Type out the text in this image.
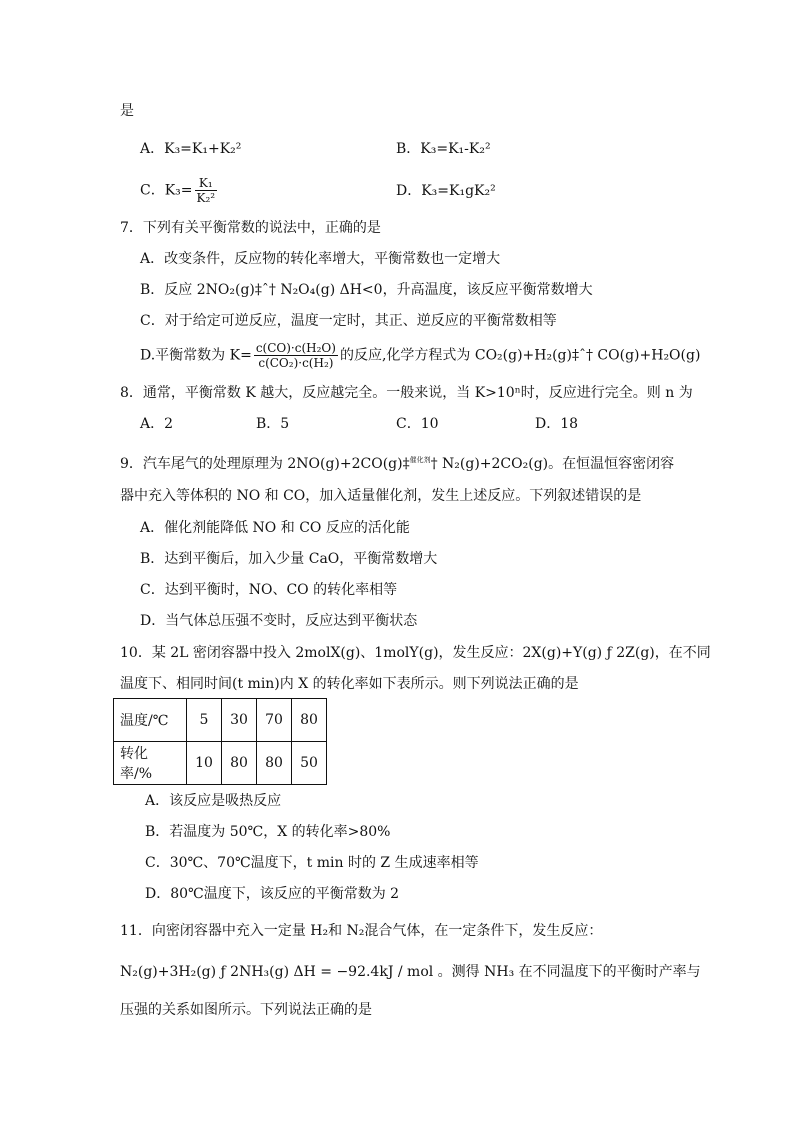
是
A．K₃=K₁+K₂²	B．K₃=K₁-K₂²
C．$K_3= \frac{\text{K₁}}{\text{K₂²}}$	D．K₃=K₁gK₂²
7．下列有关平衡常数的说法中，正确的是
A．改变条件，反应物的转化率增大，平衡常数也一定增大
B．反应 2NO₂(g)‡ˆ† N₂O₄(g) ΔH<0，升高温度，该反应平衡常数增大
C．对于给定可逆反应，温度一定时，其正、逆反应的平衡常数相等
D.平衡常数为 $K= \frac{\text{c(CO)·c(H₂O)}}{\text{c(CO₂)·c(H₂)}}$ 的反应,化学方程式为 CO₂(g)+H₂(g)‡ˆ† CO(g)+H₂O(g)
8．通常，平衡常数 K 越大，反应越完全。一般来说，当 K>10ⁿ时，反应进行完全。则 n 为
A．2	B．5	C．10	D．18
9．汽车尾气的处理原理为 2NO(g)+2CO(g)‡$^{催化剂}$† N₂(g)+2CO₂(g)。在恒温恒容密闭容
器中充入等体积的 NO 和 CO，加入适量催化剂，发生上述反应。下列叙述错误的是
A．催化剂能降低 NO 和 CO 反应的活化能
B．达到平衡后，加入少量 CaO，平衡常数增大
C．达到平衡时，NO、CO 的转化率相等
D．当气体总压强不变时，反应达到平衡状态
10．某 2L 密闭容器中投入 2molX(g)、1molY(g)，发生反应：2X(g)+Y(g) ƒ 2Z(g)，在不同
温度下、相同时间(t min)内 X 的转化率如下表所示。则下列说法正确的是
温度/℃	5	30	70	80
转化率/%	10	80	80	50
A．该反应是吸热反应
B．若温度为 50℃，X 的转化率>80%
C．30℃、70℃温度下，t min 时的 Z 生成速率相等
D．80℃温度下，该反应的平衡常数为 2
11．向密闭容器中充入一定量 H₂和 N₂混合气体，在一定条件下，发生反应：
N₂(g)+3H₂(g) ƒ 2NH₃(g) ΔH = −92.4kJ / mol 。测得 NH₃ 在不同温度下的平衡时产率与
压强的关系如图所示。下列说法正确的是
